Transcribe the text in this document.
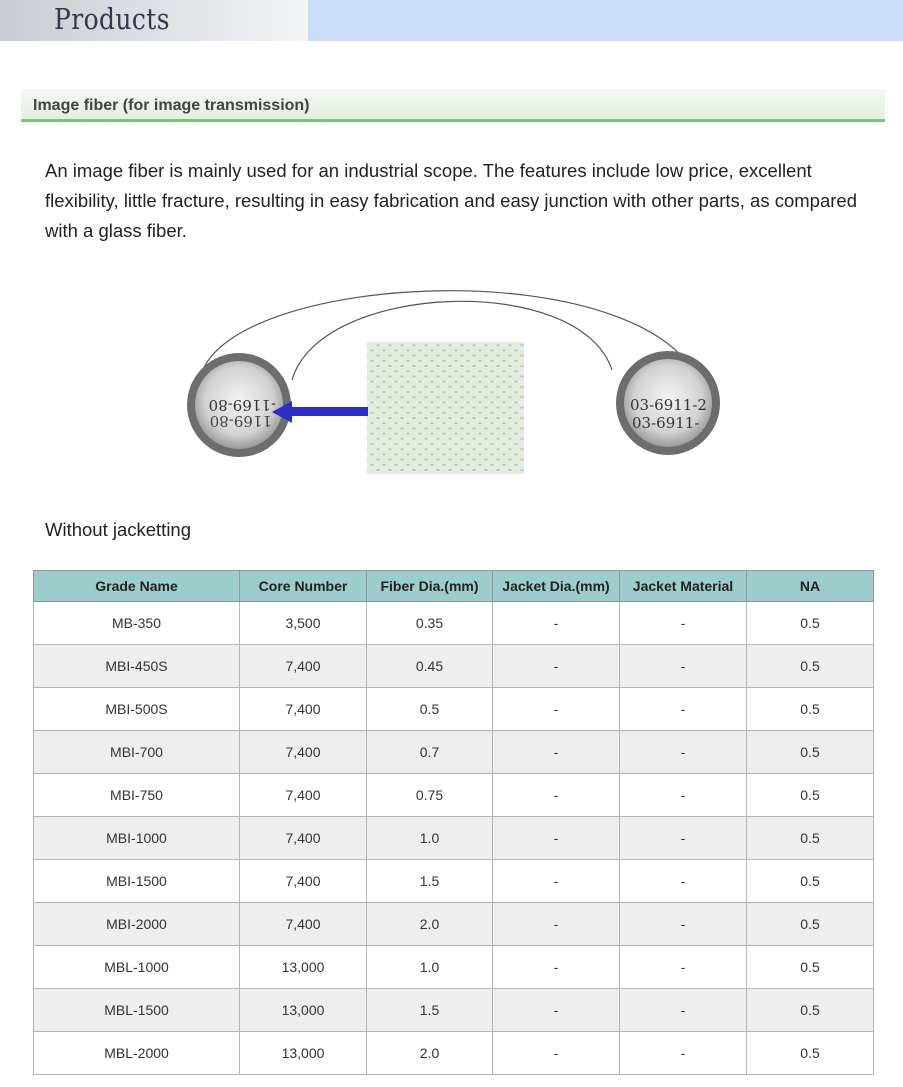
Products
Image fiber (for image transmission)

An image fiber is mainly used for an industrial scope. The features include low price, excellent flexibility, little fracture, resulting in easy fabrication and easy junction with other parts, as compared with a glass fiber.

-1169-80
1169-80
03-6911-2
03-6911-
Without jacketting
Grade Name	Core Number	Fiber Dia.(mm)	Jacket Dia.(mm)	Jacket Material	NA
MB-350	3,500	0.35	-	-	0.5
MBI-450S	7,400	0.45	-	-	0.5
MBI-500S	7,400	0.5	-	-	0.5
MBI-700	7,400	0.7	-	-	0.5
MBI-750	7,400	0.75	-	-	0.5
MBI-1000	7,400	1.0	-	-	0.5
MBI-1500	7,400	1.5	-	-	0.5
MBI-2000	7,400	2.0	-	-	0.5
MBL-1000	13,000	1.0	-	-	0.5
MBL-1500	13,000	1.5	-	-	0.5
MBL-2000	13,000	2.0	-	-	0.5
